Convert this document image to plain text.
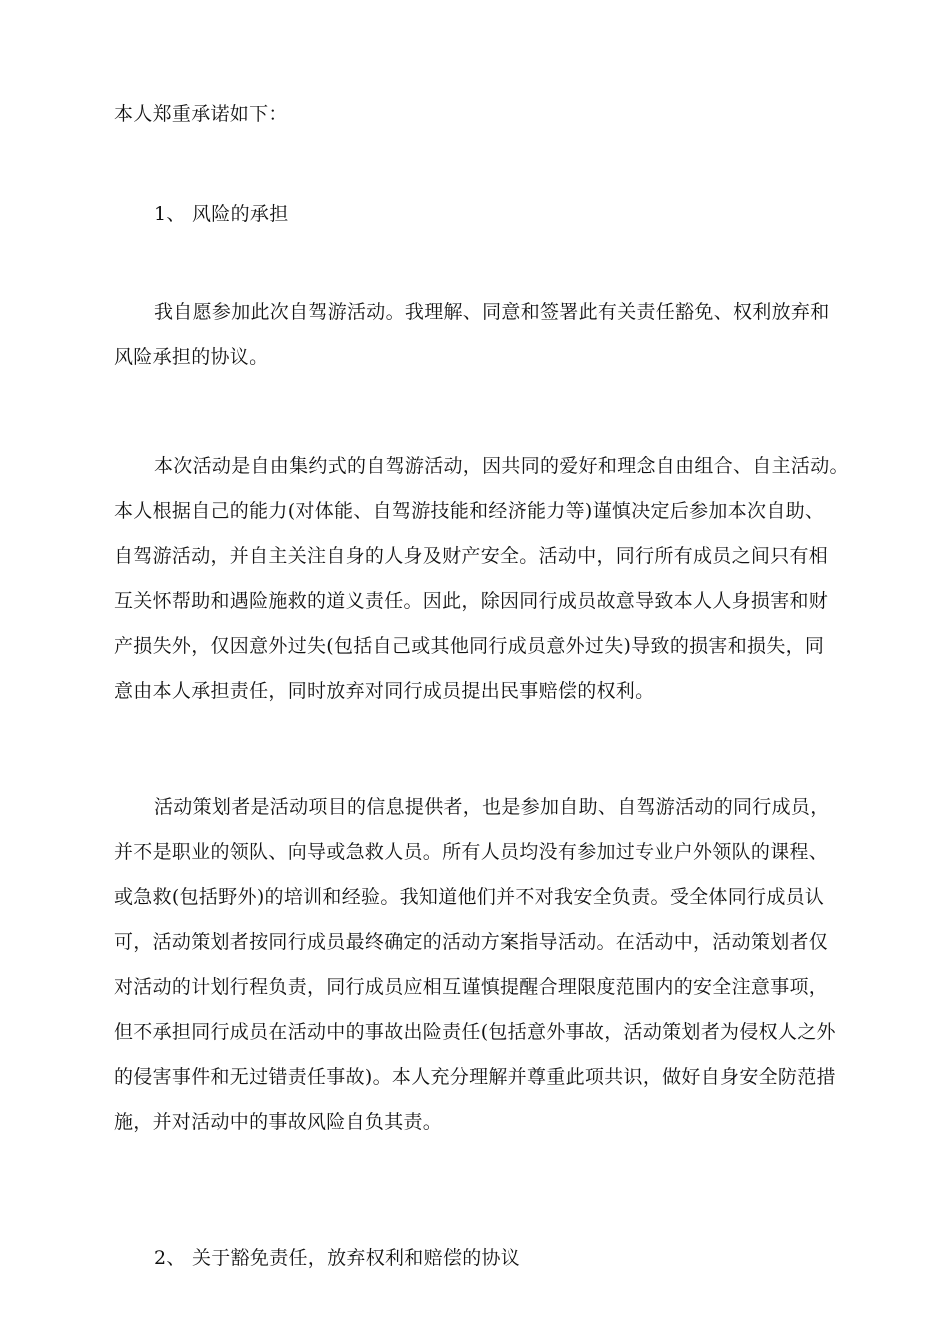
本人郑重承诺如下：
1、 风险的承担
我自愿参加此次自驾游活动。我理解、同意和签署此有关责任豁免、权利放弃和
风险承担的协议。
本次活动是自由集约式的自驾游活动，因共同的爱好和理念自由组合、自主活动。
本人根据自己的能力(对体能、自驾游技能和经济能力等)谨慎决定后参加本次自助、
自驾游活动，并自主关注自身的人身及财产安全。活动中，同行所有成员之间只有相
互关怀帮助和遇险施救的道义责任。因此，除因同行成员故意导致本人人身损害和财
产损失外，仅因意外过失(包括自己或其他同行成员意外过失)导致的损害和损失，同
意由本人承担责任，同时放弃对同行成员提出民事赔偿的权利。
活动策划者是活动项目的信息提供者，也是参加自助、自驾游活动的同行成员，
并不是职业的领队、向导或急救人员。所有人员均没有参加过专业户外领队的课程、
或急救(包括野外)的培训和经验。我知道他们并不对我安全负责。受全体同行成员认
可，活动策划者按同行成员最终确定的活动方案指导活动。在活动中，活动策划者仅
对活动的计划行程负责，同行成员应相互谨慎提醒合理限度范围内的安全注意事项，
但不承担同行成员在活动中的事故出险责任(包括意外事故，活动策划者为侵权人之外
的侵害事件和无过错责任事故)。本人充分理解并尊重此项共识，做好自身安全防范措
施，并对活动中的事故风险自负其责。
2、 关于豁免责任，放弃权利和赔偿的协议
